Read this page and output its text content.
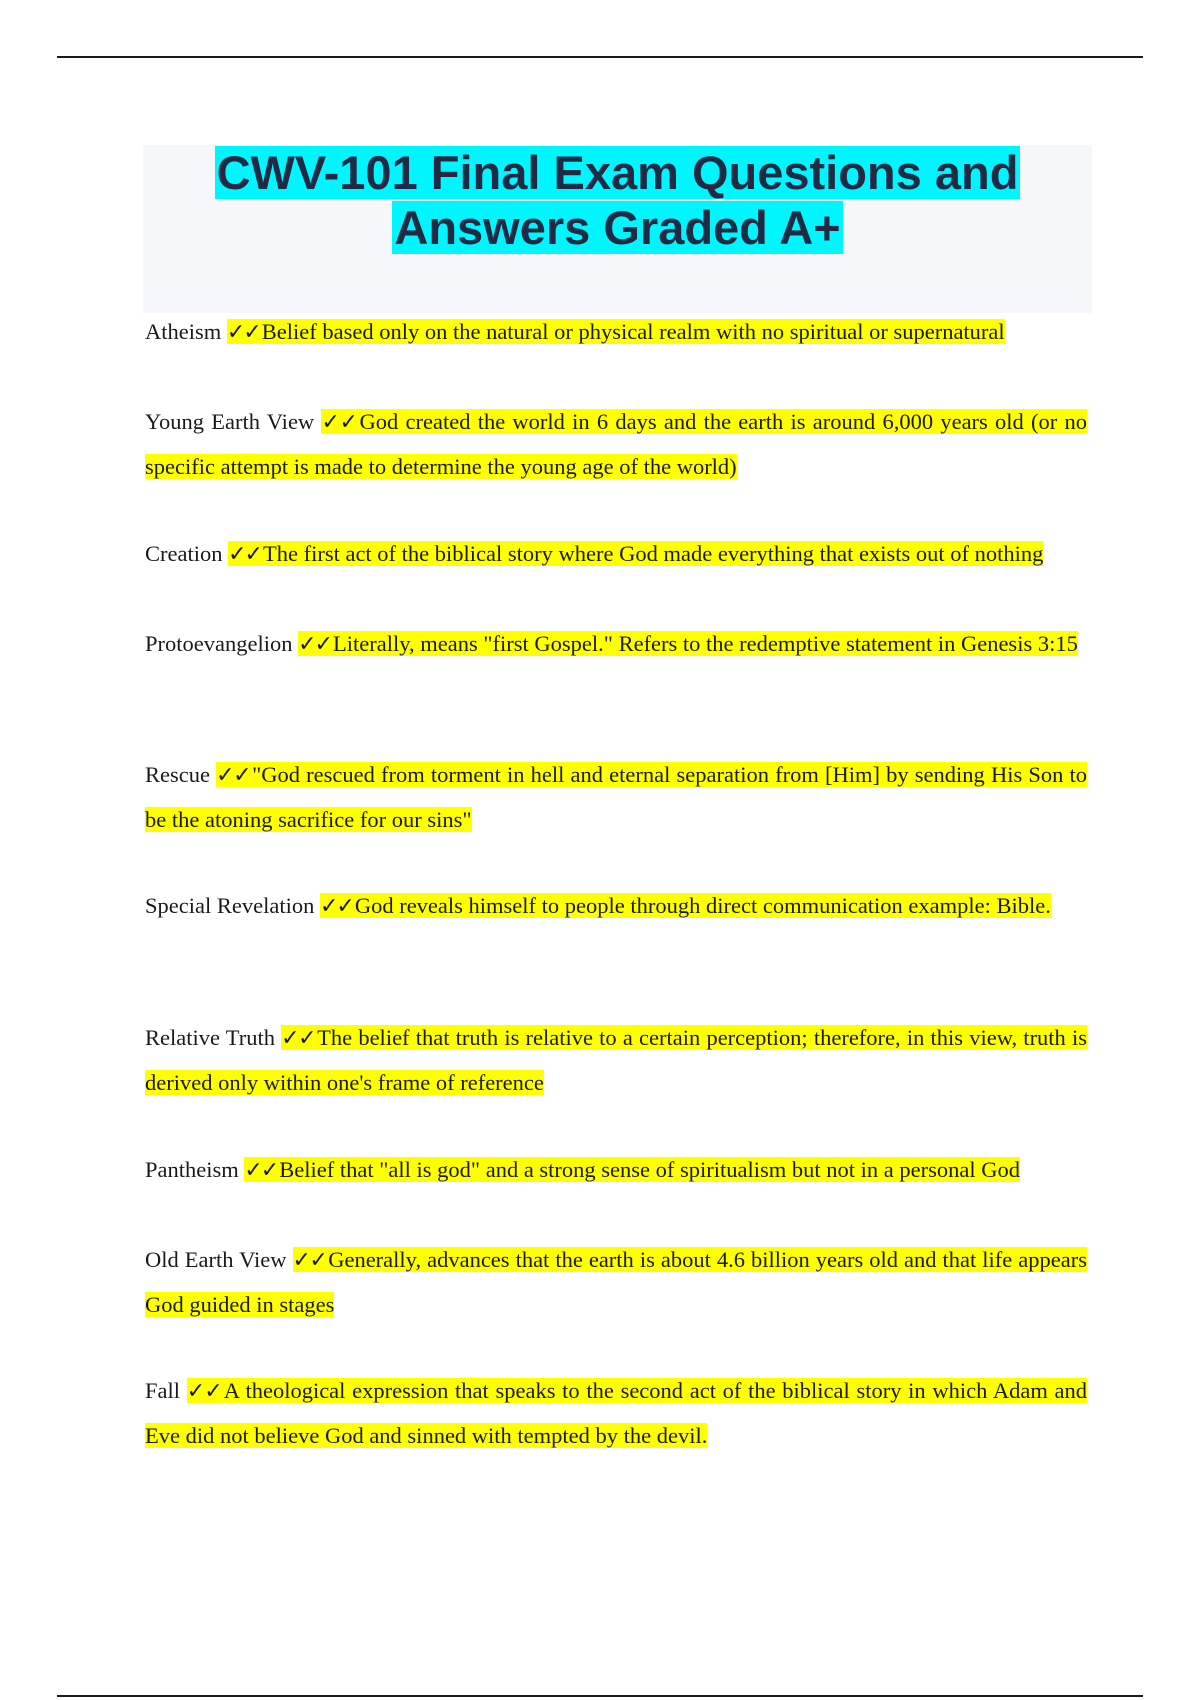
CWV-101 Final Exam Questions and
Answers Graded A+
Atheism ✓✓Belief based only on the natural or physical realm with no spiritual or supernatural
Young Earth View ✓✓God created the world in 6 days and the earth is around 6,000 years old (or no specific attempt is made to determine the young age of the world)
Creation ✓✓The first act of the biblical story where God made everything that exists out of nothing
Protoevangelion ✓✓Literally, means "first Gospel." Refers to the redemptive statement in Genesis 3:15
Rescue ✓✓"God rescued from torment in hell and eternal separation from [Him] by sending His Son to be the atoning sacrifice for our sins"
Special Revelation ✓✓God reveals himself to people through direct communication example: Bible.
Relative Truth ✓✓The belief that truth is relative to a certain perception; therefore, in this view, truth is derived only within one's frame of reference
Pantheism ✓✓Belief that "all is god" and a strong sense of spiritualism but not in a personal God
Old Earth View ✓✓Generally, advances that the earth is about 4.6 billion years old and that life appears God guided in stages
Fall ✓✓A theological expression that speaks to the second act of the biblical story in which Adam and Eve did not believe God and sinned with tempted by the devil.
